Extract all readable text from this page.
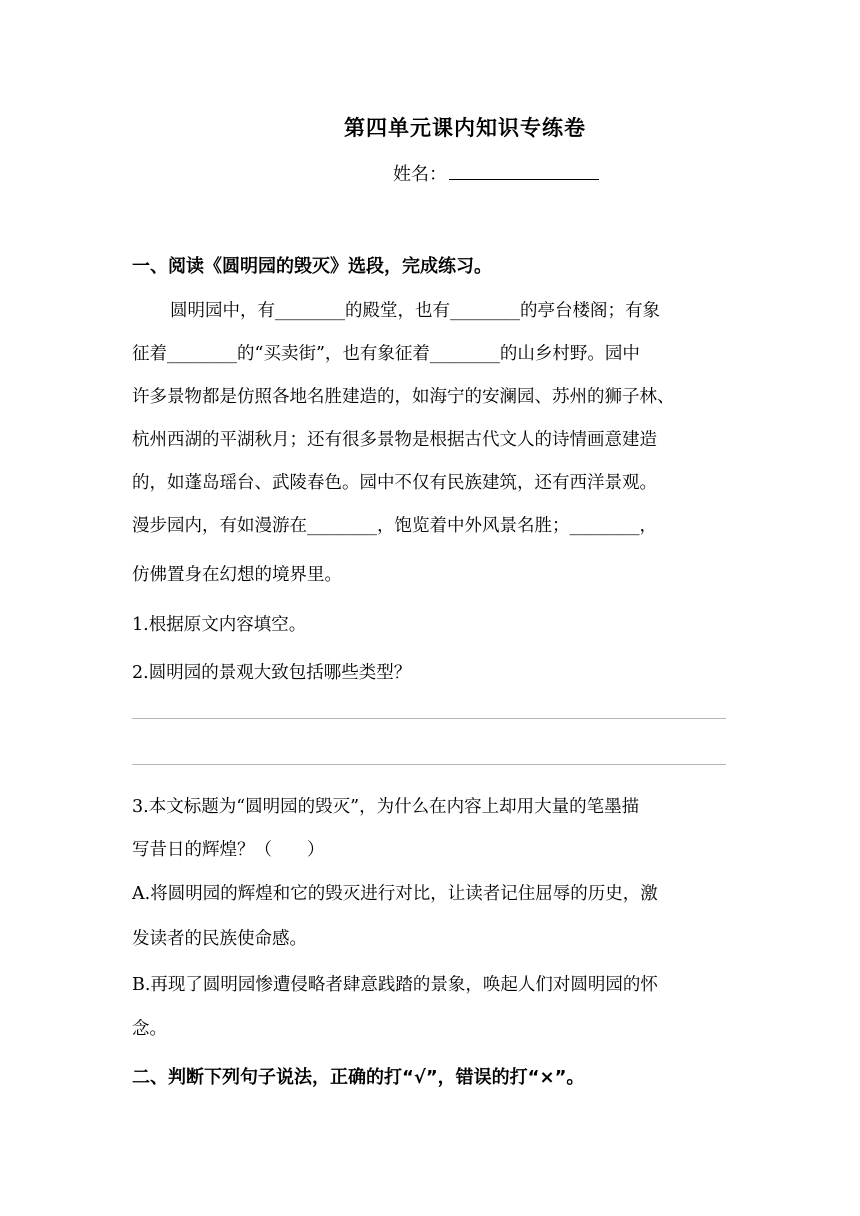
第四单元课内知识专练卷
姓名：
一、阅读《圆明园的毁灭》选段，完成练习。
圆明园中，有________的殿堂，也有________的亭台楼阁；有象
征着________的“买卖街”，也有象征着________的山乡村野。园中
许多景物都是仿照各地名胜建造的，如海宁的安澜园、苏州的狮子林、
杭州西湖的平湖秋月；还有很多景物是根据古代文人的诗情画意建造
的，如蓬岛瑶台、武陵春色。园中不仅有民族建筑，还有西洋景观。
漫步园内，有如漫游在________，饱览着中外风景名胜；________，
仿佛置身在幻想的境界里。
1.根据原文内容填空。
2.圆明园的景观大致包括哪些类型？
3.本文标题为“圆明园的毁灭”，为什么在内容上却用大量的笔墨描
写昔日的辉煌？（　　）
A.将圆明园的辉煌和它的毁灭进行对比，让读者记住屈辱的历史，激
发读者的民族使命感。
B.再现了圆明园惨遭侵略者肆意践踏的景象，唤起人们对圆明园的怀
念。
二、判断下列句子说法，正确的打“√”，错误的打“×”。
